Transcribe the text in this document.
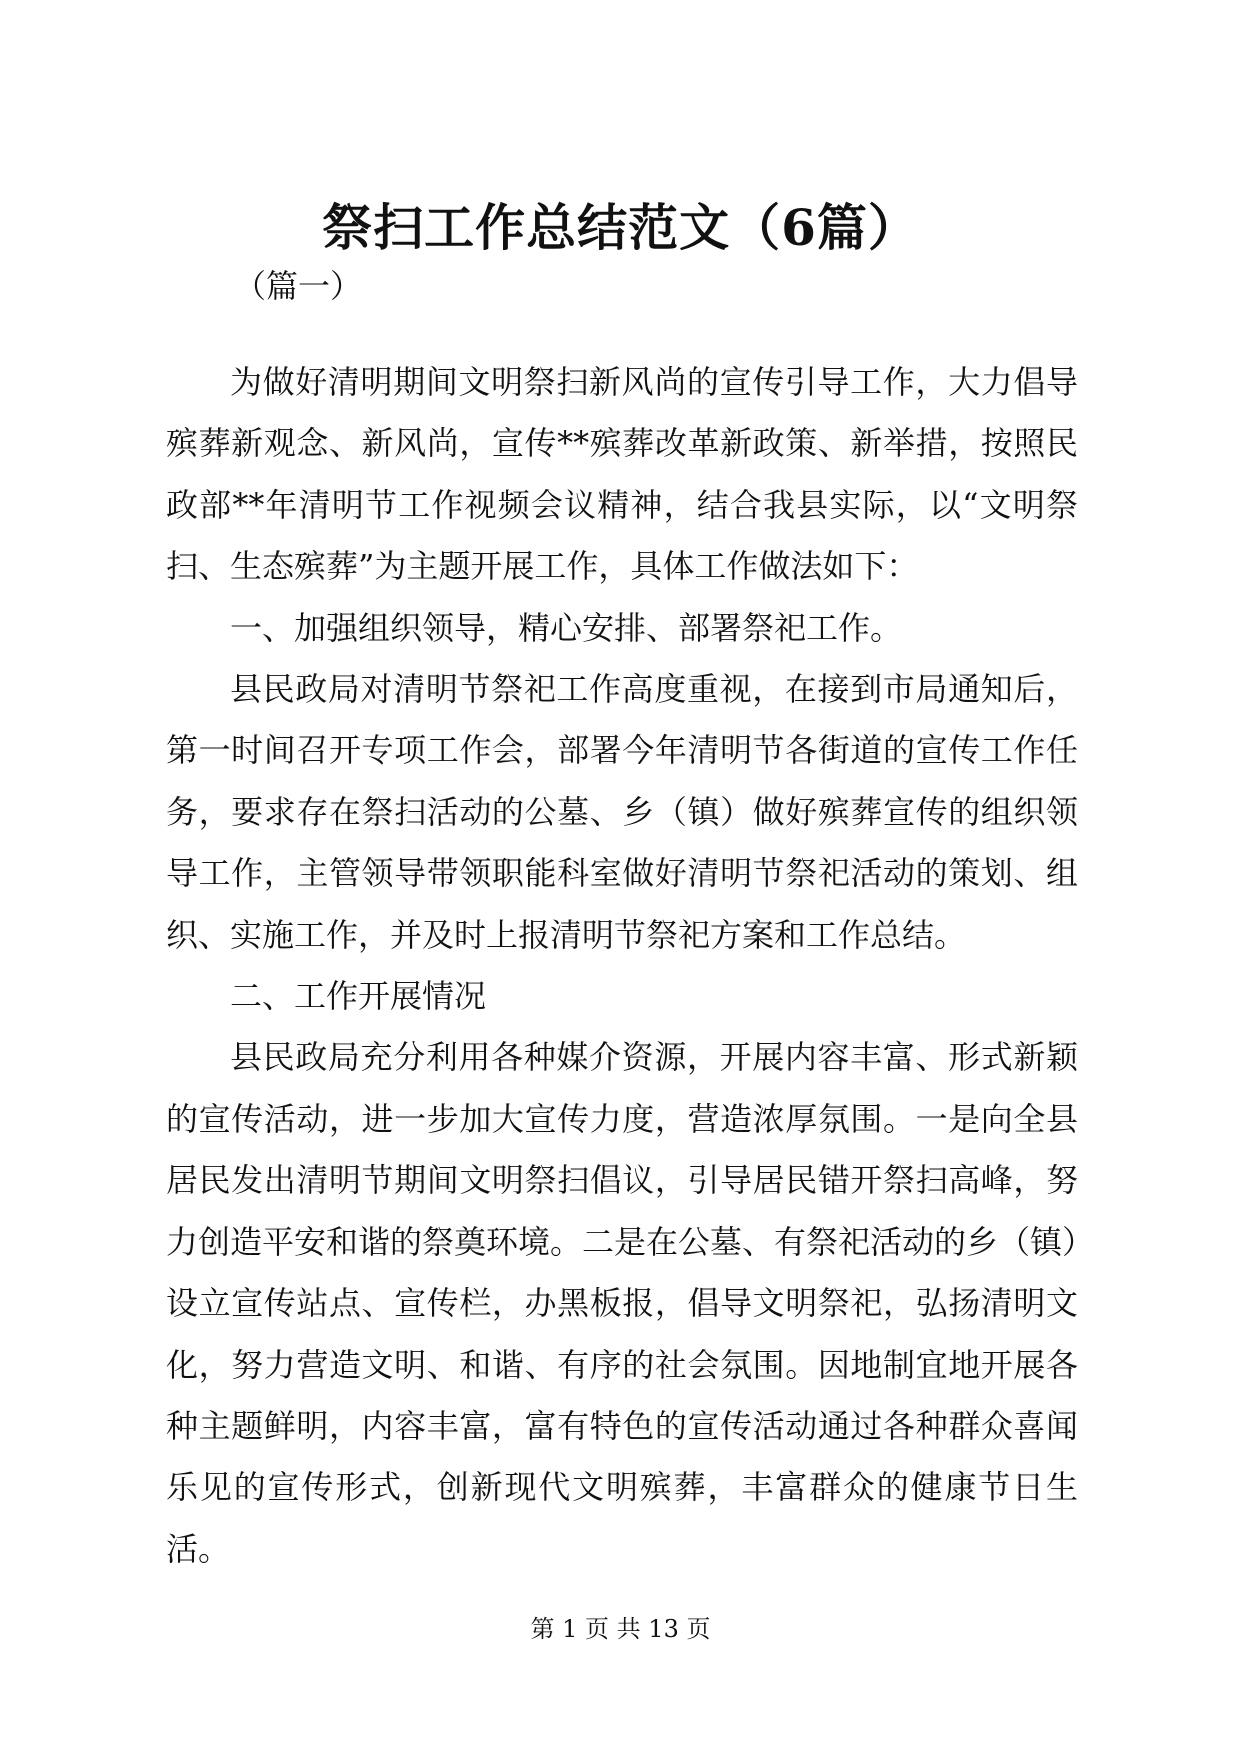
祭扫工作总结范文（6篇）
（篇一）

为做好清明期间文明祭扫新风尚的宣传引导工作，大力倡导殡葬新观念、新风尚，宣传**殡葬改革新政策、新举措，按照民政部**年清明节工作视频会议精神，结合我县实际，以“文明祭扫、生态殡葬”为主题开展工作，具体工作做法如下：

一、加强组织领导，精心安排、部署祭祀工作。

县民政局对清明节祭祀工作高度重视，在接到市局通知后，第一时间召开专项工作会，部署今年清明节各街道的宣传工作任务，要求存在祭扫活动的公墓、乡（镇）做好殡葬宣传的组织领导工作，主管领导带领职能科室做好清明节祭祀活动的策划、组织、实施工作，并及时上报清明节祭祀方案和工作总结。

二、工作开展情况

县民政局充分利用各种媒介资源，开展内容丰富、形式新颖的宣传活动，进一步加大宣传力度，营造浓厚氛围。一是向全县居民发出清明节期间文明祭扫倡议，引导居民错开祭扫高峰，努力创造平安和谐的祭奠环境。二是在公墓、有祭祀活动的乡（镇）设立宣传站点、宣传栏，办黑板报，倡导文明祭祀，弘扬清明文化，努力营造文明、和谐、有序的社会氛围。因地制宜地开展各种主题鲜明，内容丰富，富有特色的宣传活动通过各种群众喜闻乐见的宣传形式，创新现代文明殡葬，丰富群众的健康节日生活。

第 1 页 共 13 页
